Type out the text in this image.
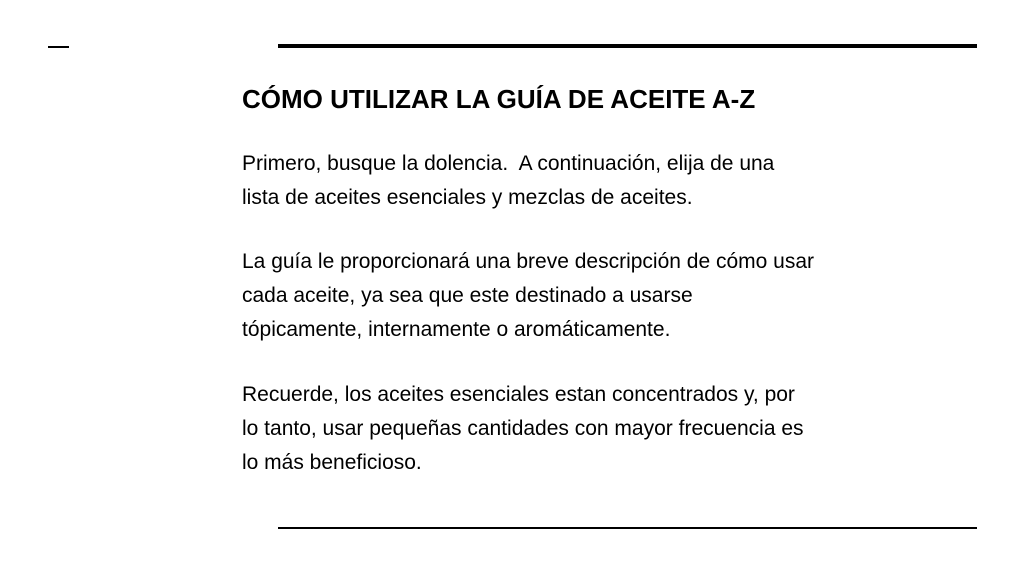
CÓMO UTILIZAR LA GUÍA DE ACEITE A-Z

Primero, busque la dolencia.  A continuación, elija de una
lista de aceites esenciales y mezclas de aceites.

La guía le proporcionará una breve descripción de cómo usar
cada aceite, ya sea que este destinado a usarse
tópicamente, internamente o aromáticamente.

Recuerde, los aceites esenciales estan concentrados y, por
lo tanto, usar pequeñas cantidades con mayor frecuencia es
lo más beneficioso.
